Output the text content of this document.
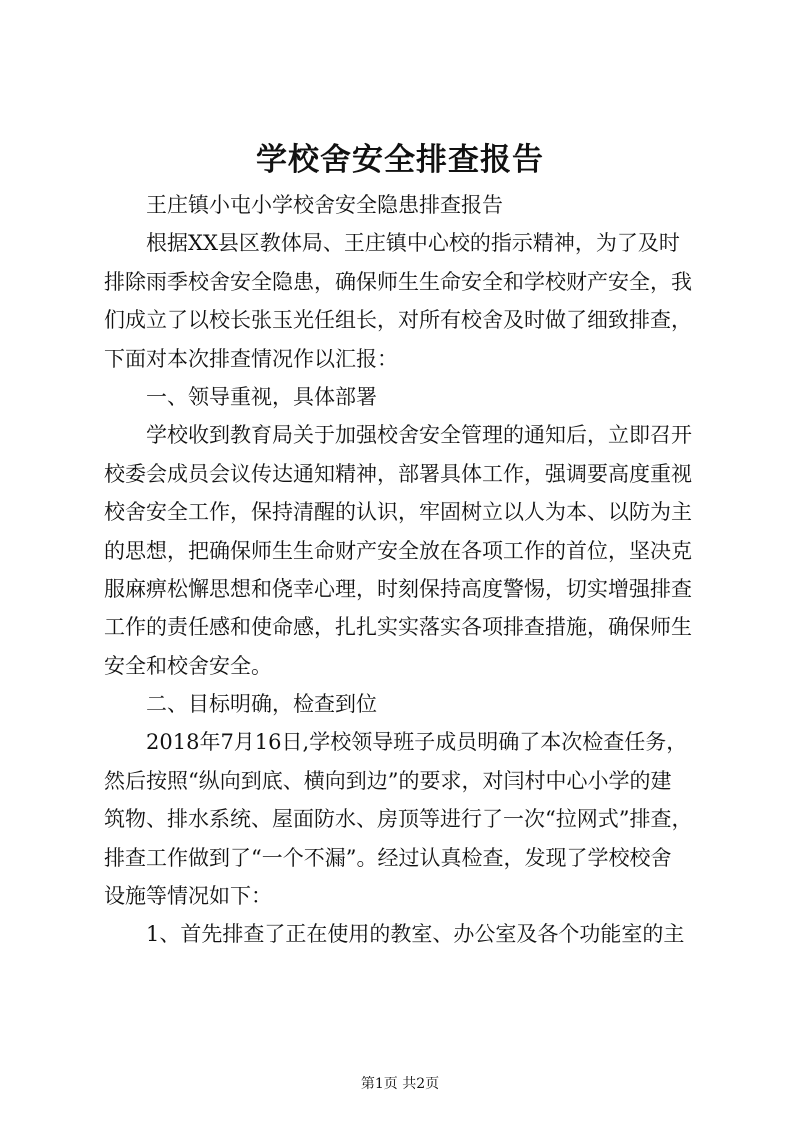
学校舍安全排查报告
王庄镇小屯小学校舍安全隐患排查报告
根据XX县区教体局、王庄镇中心校的指示精神，为了及时
排除雨季校舍安全隐患，确保师生生命安全和学校财产安全，我
们成立了以校长张玉光任组长，对所有校舍及时做了细致排查，
下面对本次排查情况作以汇报：
一、领导重视，具体部署
学校收到教育局关于加强校舍安全管理的通知后，立即召开
校委会成员会议传达通知精神，部署具体工作，强调要高度重视
校舍安全工作，保持清醒的认识，牢固树立以人为本、以防为主
的思想，把确保师生生命财产安全放在各项工作的首位，坚决克
服麻痹松懈思想和侥幸心理，时刻保持高度警惕，切实增强排查
工作的责任感和使命感，扎扎实实落实各项排查措施，确保师生
安全和校舍安全。
二、目标明确，检查到位
2018年7月16日,学校领导班子成员明确了本次检查任务，
然后按照“纵向到底、横向到边”的要求，对闫村中心小学的建
筑物、排水系统、屋面防水、房顶等进行了一次“拉网式”排查，
排查工作做到了“一个不漏”。经过认真检查，发现了学校校舍
设施等情况如下：
1、首先排查了正在使用的教室、办公室及各个功能室的主
第1页 共2页
